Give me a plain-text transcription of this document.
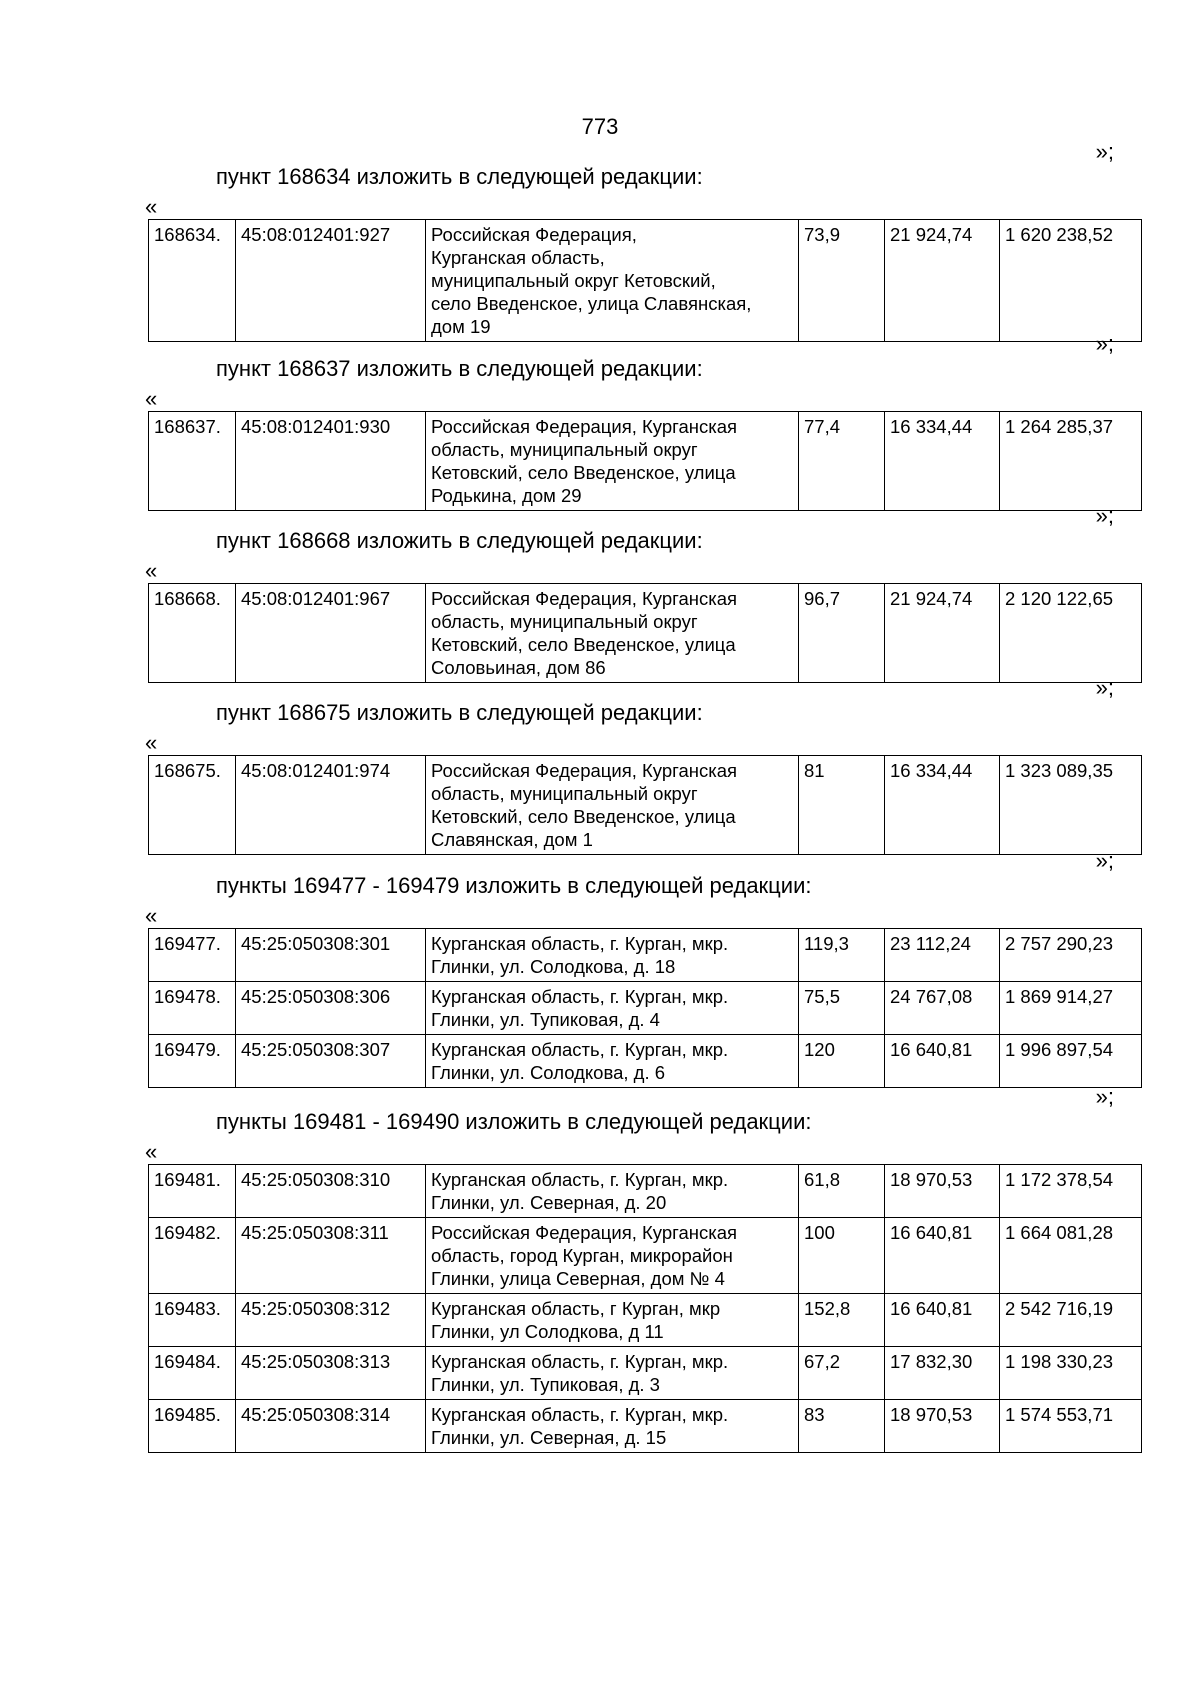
773
»;
пункт 168634 изложить в следующей редакции:
«
168634.	45:08:012401:927	Российская Федерация,
Курганская область,
муниципальный округ Кетовский,
село Введенское, улица Славянская,
дом 19	73,9	21 924,74	1 620 238,52
»;
пункт 168637 изложить в следующей редакции:
«
168637.	45:08:012401:930	Российская Федерация, Курганская
область, муниципальный округ
Кетовский, село Введенское, улица
Родькина, дом 29	77,4	16 334,44	1 264 285,37
»;
пункт 168668 изложить в следующей редакции:
«
168668.	45:08:012401:967	Российская Федерация, Курганская
область, муниципальный округ
Кетовский, село Введенское, улица
Соловьиная, дом 86	96,7	21 924,74	2 120 122,65
»;
пункт 168675 изложить в следующей редакции:
«
168675.	45:08:012401:974	Российская Федерация, Курганская
область, муниципальный округ
Кетовский, село Введенское, улица
Славянская, дом 1	81	16 334,44	1 323 089,35
»;
пункты 169477 - 169479 изложить в следующей редакции:
«
169477.	45:25:050308:301	Курганская область, г. Курган, мкр.
Глинки, ул. Солодкова, д. 18	119,3	23 112,24	2 757 290,23
169478.	45:25:050308:306	Курганская область, г. Курган, мкр.
Глинки, ул. Тупиковая, д. 4	75,5	24 767,08	1 869 914,27
169479.	45:25:050308:307	Курганская область, г. Курган, мкр.
Глинки, ул. Солодкова, д. 6	120	16 640,81	1 996 897,54
»;
пункты 169481 - 169490 изложить в следующей редакции:
«
169481.	45:25:050308:310	Курганская область, г. Курган, мкр.
Глинки, ул. Северная, д. 20	61,8	18 970,53	1 172 378,54
169482.	45:25:050308:311	Российская Федерация, Курганская
область, город Курган, микрорайон
Глинки, улица Северная, дом № 4	100	16 640,81	1 664 081,28
169483.	45:25:050308:312	Курганская область, г Курган, мкр
Глинки, ул Солодкова, д 11	152,8	16 640,81	2 542 716,19
169484.	45:25:050308:313	Курганская область, г. Курган, мкр.
Глинки, ул. Тупиковая, д. 3	67,2	17 832,30	1 198 330,23
169485.	45:25:050308:314	Курганская область, г. Курган, мкр.
Глинки, ул. Северная, д. 15	83	18 970,53	1 574 553,71
